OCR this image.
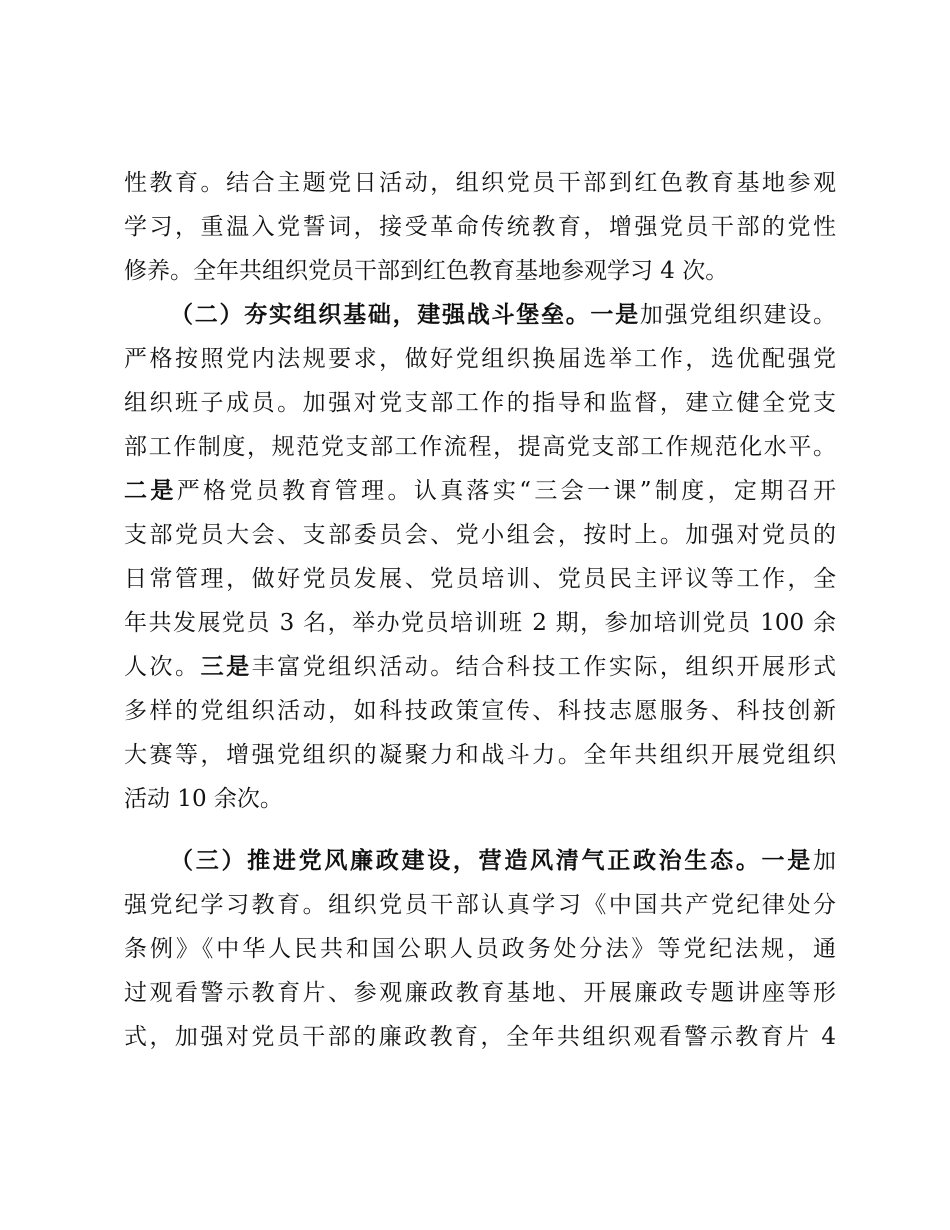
性教育。结合主题党日活动，组织党员干部到红色教育基地参观
学习，重温入党誓词，接受革命传统教育，增强党员干部的党性
修养。全年共组织党员干部到红色教育基地参观学习 4 次。
（二）夯实组织基础，建强战斗堡垒。一是加强党组织建设。
严格按照党内法规要求，做好党组织换届选举工作，选优配强党
组织班子成员。加强对党支部工作的指导和监督，建立健全党支
部工作制度，规范党支部工作流程，提高党支部工作规范化水平。
二是严格党员教育管理。认真落实“三会一课”制度，定期召开
支部党员大会、支部委员会、党小组会，按时上。加强对党员的
日常管理，做好党员发展、党员培训、党员民主评议等工作，全
年共发展党员 3 名，举办党员培训班 2 期，参加培训党员 100 余
人次。三是丰富党组织活动。结合科技工作实际，组织开展形式
多样的党组织活动，如科技政策宣传、科技志愿服务、科技创新
大赛等，增强党组织的凝聚力和战斗力。全年共组织开展党组织
活动 10 余次。
（三）推进党风廉政建设，营造风清气正政治生态。一是加
强党纪学习教育。组织党员干部认真学习《中国共产党纪律处分
条例》《中华人民共和国公职人员政务处分法》等党纪法规，通
过观看警示教育片、参观廉政教育基地、开展廉政专题讲座等形
式，加强对党员干部的廉政教育，全年共组织观看警示教育片 4
